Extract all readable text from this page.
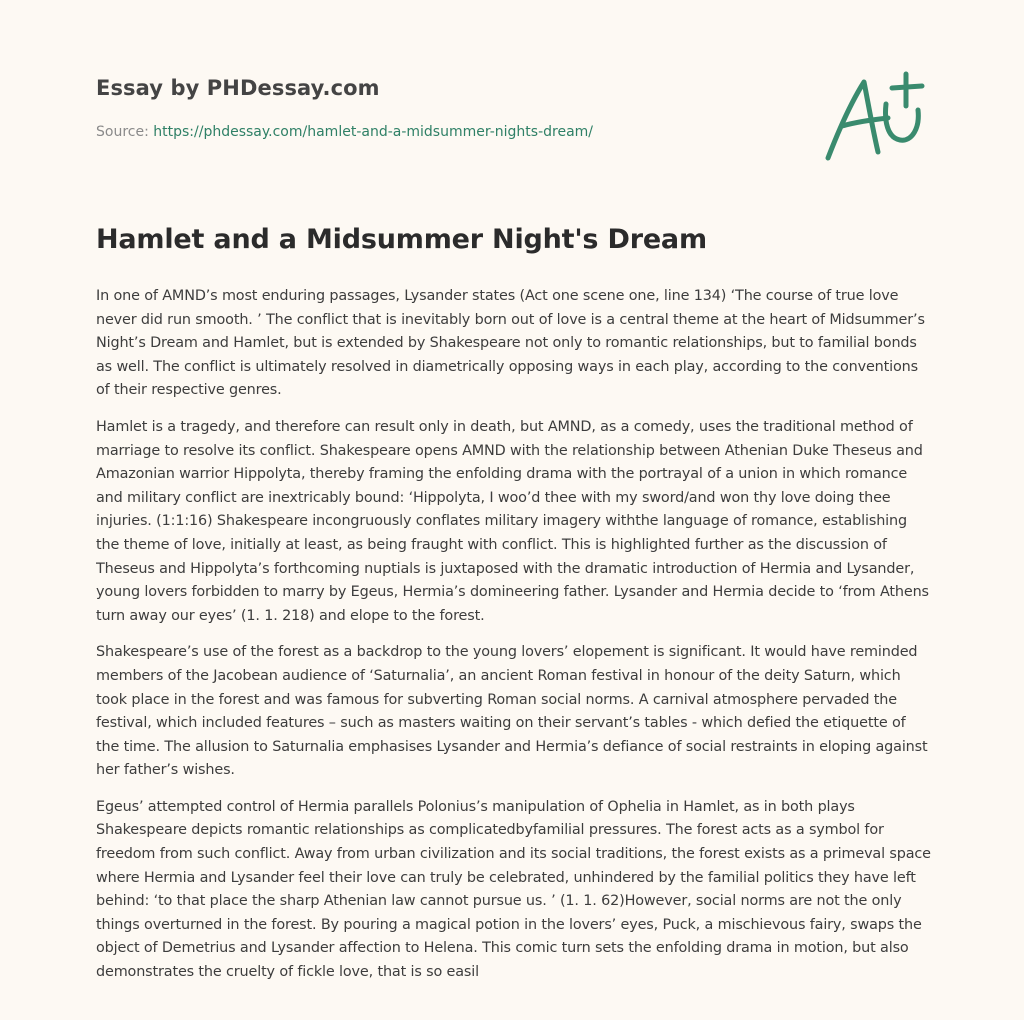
Essay by PHDessay.com
Source: https://phdessay.com/hamlet-and-a-midsummer-nights-dream/
Hamlet and a Midsummer Night's Dream

In one of AMND’s most enduring passages, Lysander states (Act one scene one, line 134) ‘The course of true love never did run smooth. ’ The conflict that is inevitably born out of love is a central theme at the heart of Midsummer’s Night’s Dream and Hamlet, but is extended by Shakespeare not only to romantic relationships, but to familial bonds as well. The conflict is ultimately resolved in diametrically opposing ways in each play, according to the conventions of their respective genres.

Hamlet is a tragedy, and therefore can result only in death, but AMND, as a comedy, uses the traditional method of marriage to resolve its conflict. Shakespeare opens AMND with the relationship between Athenian Duke Theseus and Amazonian warrior Hippolyta, thereby framing the enfolding drama with the portrayal of a union in which romance and military conflict are inextricably bound: ‘Hippolyta, I woo’d thee with my sword/and won thy love doing thee injuries. (1:1:16) Shakespeare incongruously conflates military imagery withthe language of romance, establishing the theme of love, initially at least, as being fraught with conflict. This is highlighted further as the discussion of Theseus and Hippolyta’s forthcoming nuptials is juxtaposed with the dramatic introduction of Hermia and Lysander, young lovers forbidden to marry by Egeus, Hermia’s domineering father. Lysander and Hermia decide to ‘from Athens turn away our eyes’ (1. 1. 218) and elope to the forest.

Shakespeare’s use of the forest as a backdrop to the young lovers’ elopement is significant. It would have reminded members of the Jacobean audience of ‘Saturnalia’, an ancient Roman festival in honour of the deity Saturn, which took place in the forest and was famous for subverting Roman social norms. A carnival atmosphere pervaded the festival, which included features – such as masters waiting on their servant’s tables - which defied the etiquette of the time. The allusion to Saturnalia emphasises Lysander and Hermia’s defiance of social restraints in eloping against her father’s wishes.

Egeus’ attempted control of Hermia parallels Polonius’s manipulation of Ophelia in Hamlet, as in both plays Shakespeare depicts romantic relationships as complicatedbyfamilial pressures. The forest acts as a symbol for freedom from such conflict. Away from urban civilization and its social traditions, the forest exists as a primeval space where Hermia and Lysander feel their love can truly be celebrated, unhindered by the familial politics they have left behind: ‘to that place the sharp Athenian law cannot pursue us. ’ (1. 1. 62)However, social norms are not the only things overturned in the forest. By pouring a magical potion in the lovers’ eyes, Puck, a mischievous fairy, swaps the object of Demetrius and Lysander affection to Helena. This comic turn sets the enfolding drama in motion, but also demonstrates the cruelty of fickle love, that is so easil
